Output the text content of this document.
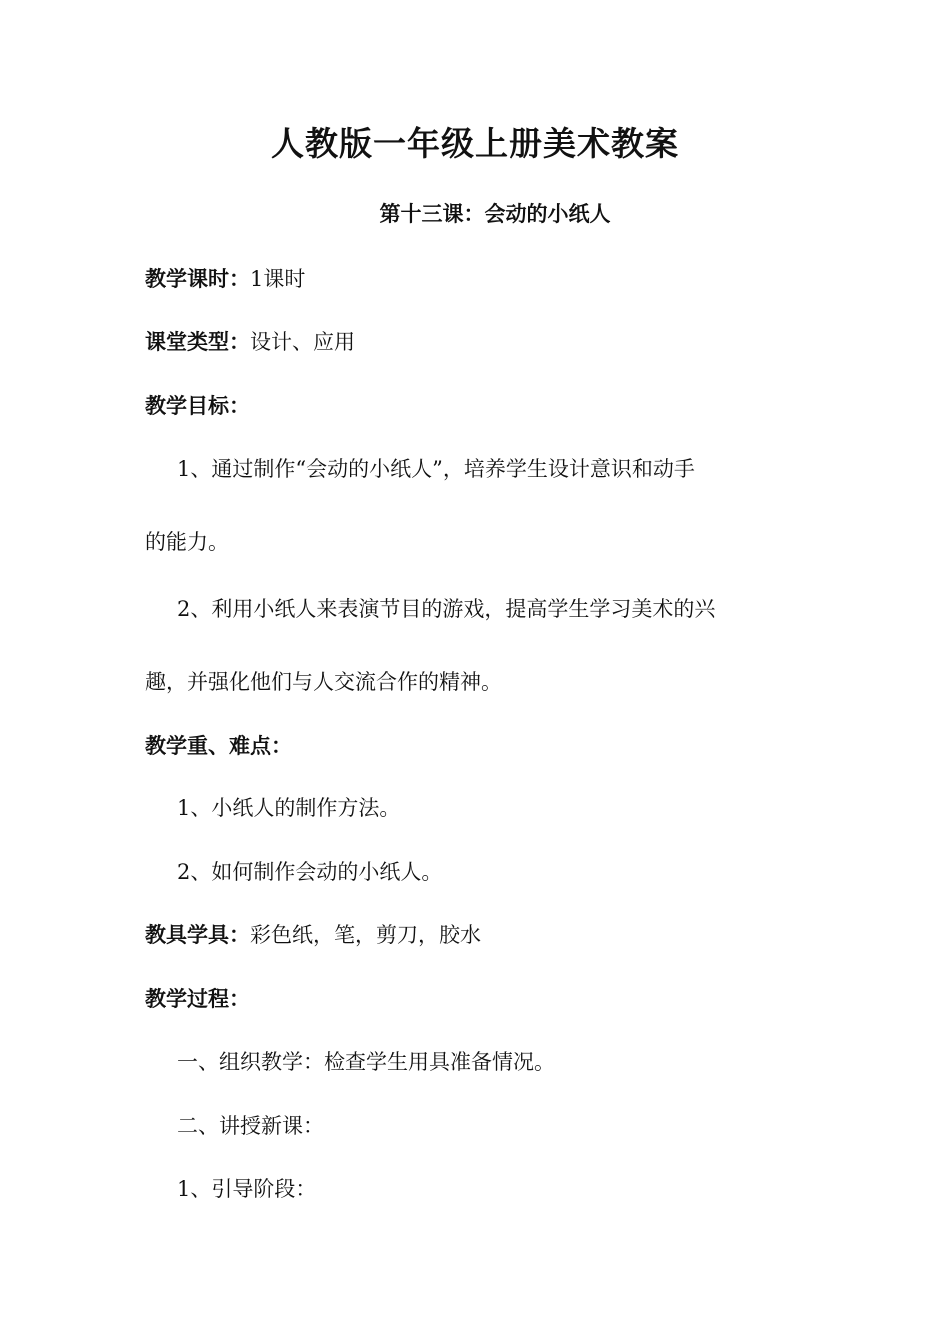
人教版一年级上册美术教案
第十三课：会动的小纸人
教学课时：1课时
课堂类型：设计、应用
教学目标：
1、通过制作“会动的小纸人”，培养学生设计意识和动手
的能力。
2、利用小纸人来表演节目的游戏，提高学生学习美术的兴
趣，并强化他们与人交流合作的精神。
教学重、难点：
1、小纸人的制作方法。
2、如何制作会动的小纸人。
教具学具：彩色纸，笔，剪刀，胶水
教学过程：
一、组织教学：检查学生用具准备情况。
二、讲授新课：
1、引导阶段：
